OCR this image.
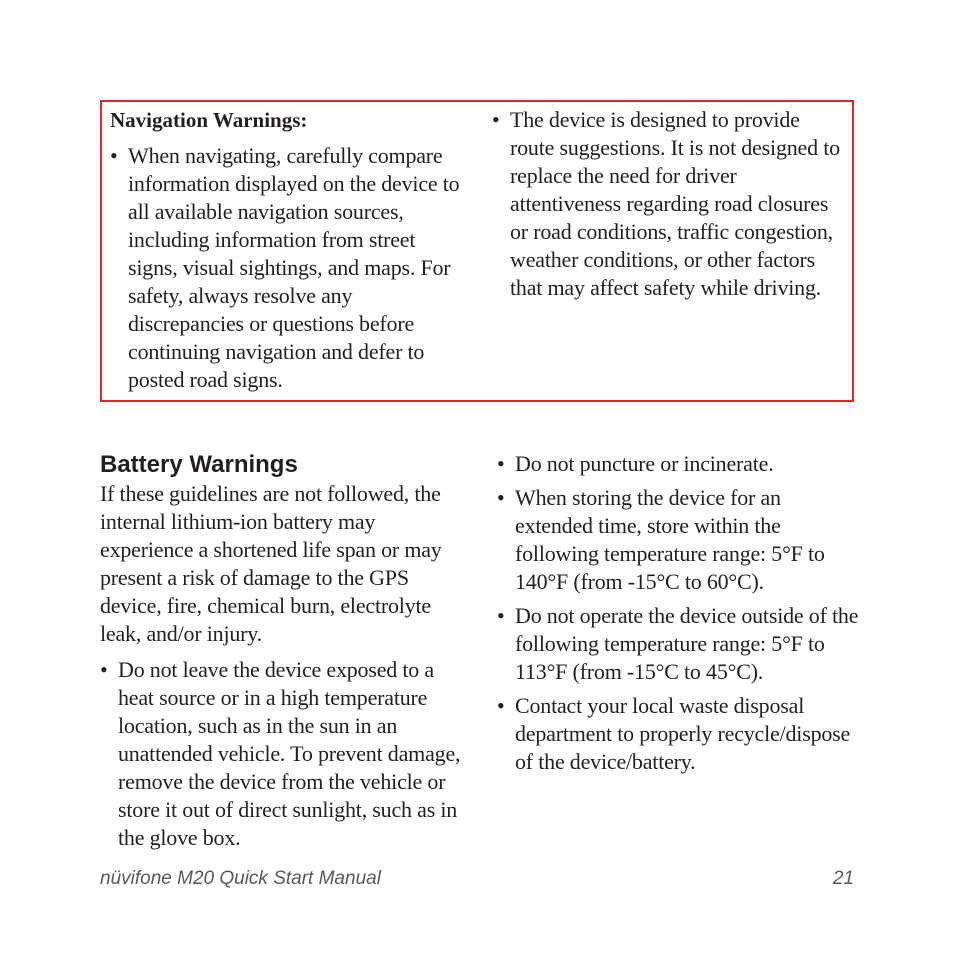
Navigation Warnings:
• When navigating, carefully compare information displayed on the device to all available navigation sources, including information from street signs, visual sightings, and maps. For safety, always resolve any discrepancies or questions before continuing navigation and defer to posted road signs.
• The device is designed to provide route suggestions. It is not designed to replace the need for driver attentiveness regarding road closures or road conditions, traffic congestion, weather conditions, or other factors that may affect safety while driving.
Battery Warnings

If these guidelines are not followed, the internal lithium-ion battery may experience a shortened life span or may present a risk of damage to the GPS device, fire, chemical burn, electrolyte leak, and/or injury.

• Do not leave the device exposed to a heat source or in a high temperature location, such as in the sun in an unattended vehicle. To prevent damage, remove the device from the vehicle or store it out of direct sunlight, such as in the glove box.
• Do not puncture or incinerate.
• When storing the device for an extended time, store within the following temperature range: 5°F to 140°F (from -15°C to 60°C).
• Do not operate the device outside of the following temperature range: 5°F to 113°F (from -15°C to 45°C).
• Contact your local waste disposal department to properly recycle/dispose of the device/battery.
nüvifone M20 Quick Start Manual	21
